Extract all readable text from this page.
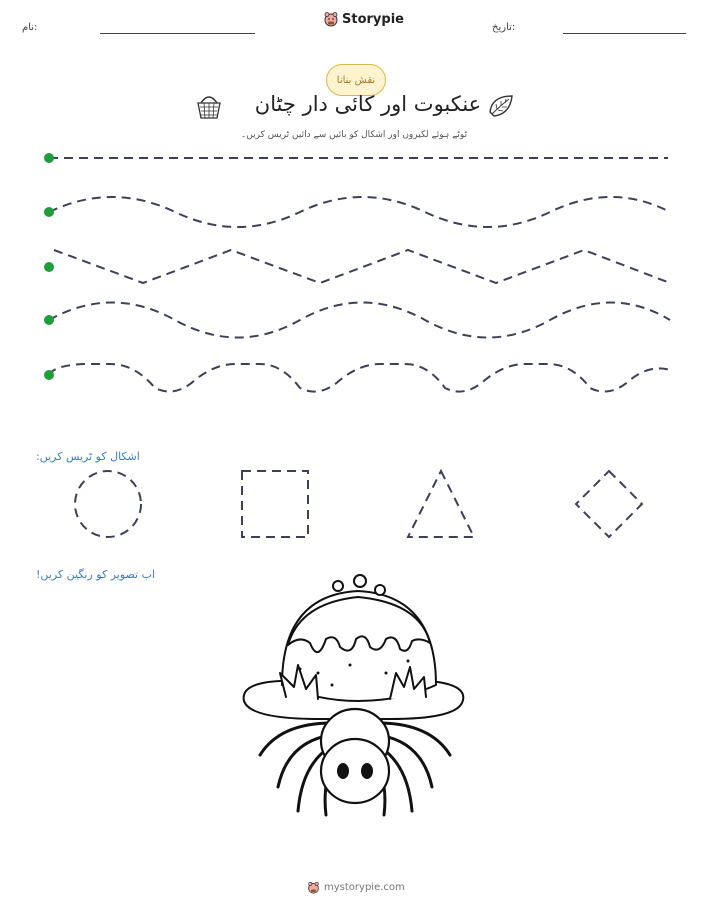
نام:
Storypie
تاریخ:
نقش بنانا
عنکبوت اور کائی دار چٹان
ٹوٹے ہوئے لکیروں اور اشکال کو بائیں سے دائیں ٹریس کریں۔
اشکال کو ٹریس کریں:
اب تصویر کو رنگین کریں!
mystorypie.com
